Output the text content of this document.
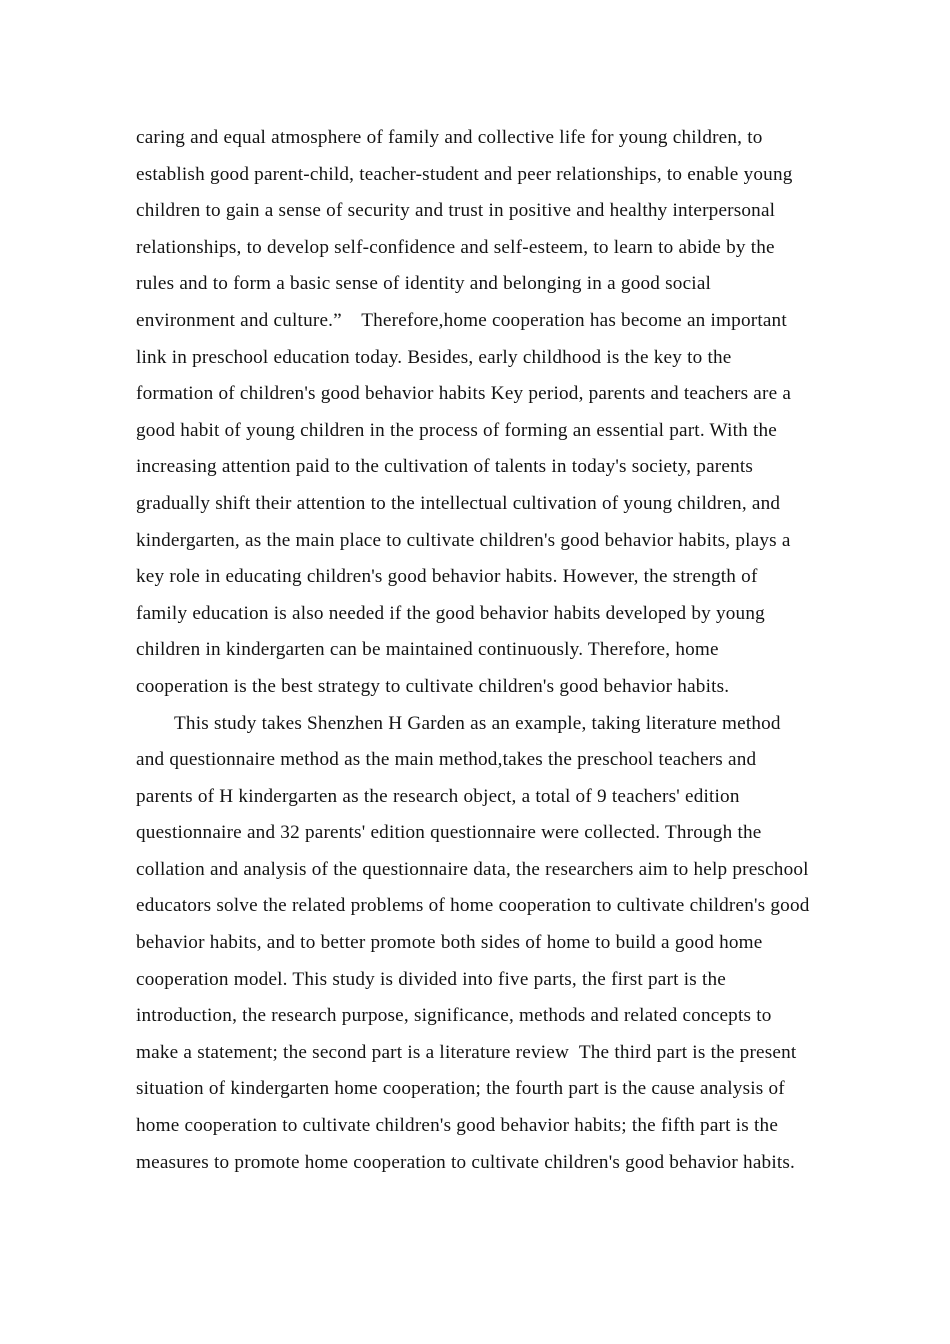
caring and equal atmosphere of family and collective life for young children, to establish good parent-child, teacher-student and peer relationships, to enable young children to gain a sense of security and trust in positive and healthy interpersonal relationships, to develop self-confidence and self-esteem, to learn to abide by the rules and to form a basic sense of identity and belonging in a good social environment and culture.”　Therefore,home cooperation has become an important link in preschool education today. Besides, early childhood is the key to the formation of children's good behavior habits Key period, parents and teachers are a good habit of young children in the process of forming an essential part. With the increasing attention paid to the cultivation of talents in today's society, parents gradually shift their attention to the intellectual cultivation of young children, and kindergarten, as the main place to cultivate children's good behavior habits, plays a key role in educating children's good behavior habits. However, the strength of family education is also needed if the good behavior habits developed by young children in kindergarten can be maintained continuously. Therefore, home cooperation is the best strategy to cultivate children's good behavior habits.

This study takes Shenzhen H Garden as an example, taking literature method and questionnaire method as the main method,takes the preschool teachers and parents of H kindergarten as the research object, a total of 9 teachers' edition questionnaire and 32 parents' edition questionnaire were collected. Through the collation and analysis of the questionnaire data, the researchers aim to help preschool educators solve the related problems of home cooperation to cultivate children's good behavior habits, and to better promote both sides of home to build a good home cooperation model. This study is divided into five parts, the first part is the introduction, the research purpose, significance, methods and related concepts to make a statement; the second part is a literature review  The third part is the present situation of kindergarten home cooperation; the fourth part is the cause analysis of home cooperation to cultivate children's good behavior habits; the fifth part is the measures to promote home cooperation to cultivate children's good behavior habits.
